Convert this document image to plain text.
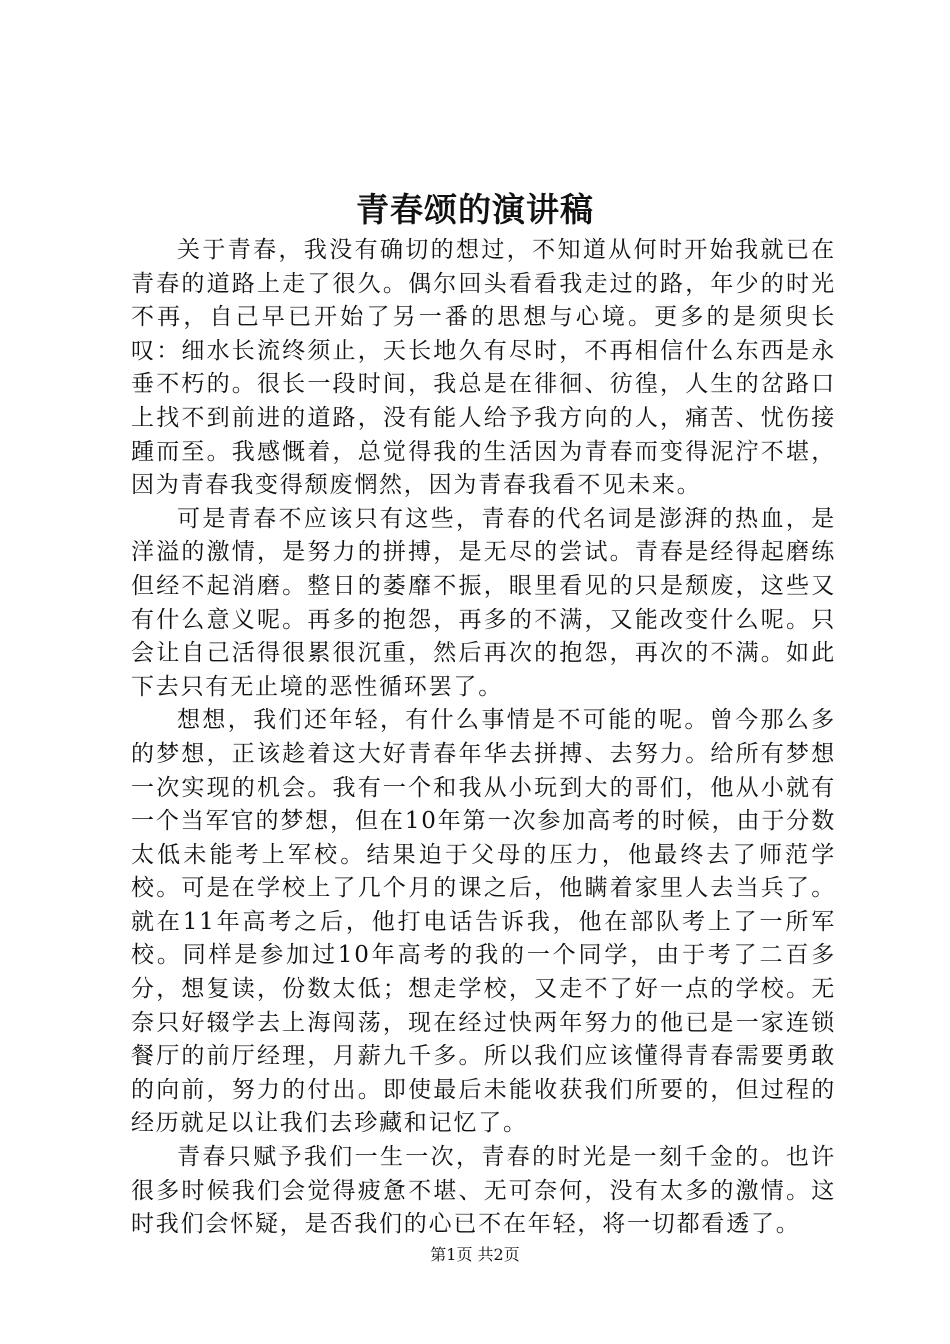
青春颂的演讲稿

关于青春，我没有确切的想过，不知道从何时开始我就已在青春的道路上走了很久。偶尔回头看看我走过的路，年少的时光不再，自己早已开始了另一番的思想与心境。更多的是须臾长叹：细水长流终须止，天长地久有尽时，不再相信什么东西是永垂不朽的。很长一段时间，我总是在徘徊、彷徨，人生的岔路口上找不到前进的道路，没有能人给予我方向的人，痛苦、忧伤接踵而至。我感慨着，总觉得我的生活因为青春而变得泥泞不堪，因为青春我变得颓废惘然，因为青春我看不见未来。

可是青春不应该只有这些，青春的代名词是澎湃的热血，是洋溢的激情，是努力的拼搏，是无尽的尝试。青春是经得起磨练但经不起消磨。整日的萎靡不振，眼里看见的只是颓废，这些又有什么意义呢。再多的抱怨，再多的不满，又能改变什么呢。只会让自己活得很累很沉重，然后再次的抱怨，再次的不满。如此下去只有无止境的恶性循环罢了。

想想，我们还年轻，有什么事情是不可能的呢。曾今那么多的梦想，正该趁着这大好青春年华去拼搏、去努力。给所有梦想一次实现的机会。我有一个和我从小玩到大的哥们，他从小就有一个当军官的梦想，但在10年第一次参加高考的时候，由于分数太低未能考上军校。结果迫于父母的压力，他最终去了师范学校。可是在学校上了几个月的课之后，他瞒着家里人去当兵了。就在11年高考之后，他打电话告诉我，他在部队考上了一所军校。同样是参加过10年高考的我的一个同学，由于考了二百多分，想复读，份数太低；想走学校，又走不了好一点的学校。无奈只好辍学去上海闯荡，现在经过快两年努力的他已是一家连锁餐厅的前厅经理，月薪九千多。所以我们应该懂得青春需要勇敢的向前，努力的付出。即使最后未能收获我们所要的，但过程的经历就足以让我们去珍藏和记忆了。

青春只赋予我们一生一次，青春的时光是一刻千金的。也许很多时候我们会觉得疲惫不堪、无可奈何，没有太多的激情。这时我们会怀疑，是否我们的心已不在年轻，将一切都看透了。

第1页 共2页
